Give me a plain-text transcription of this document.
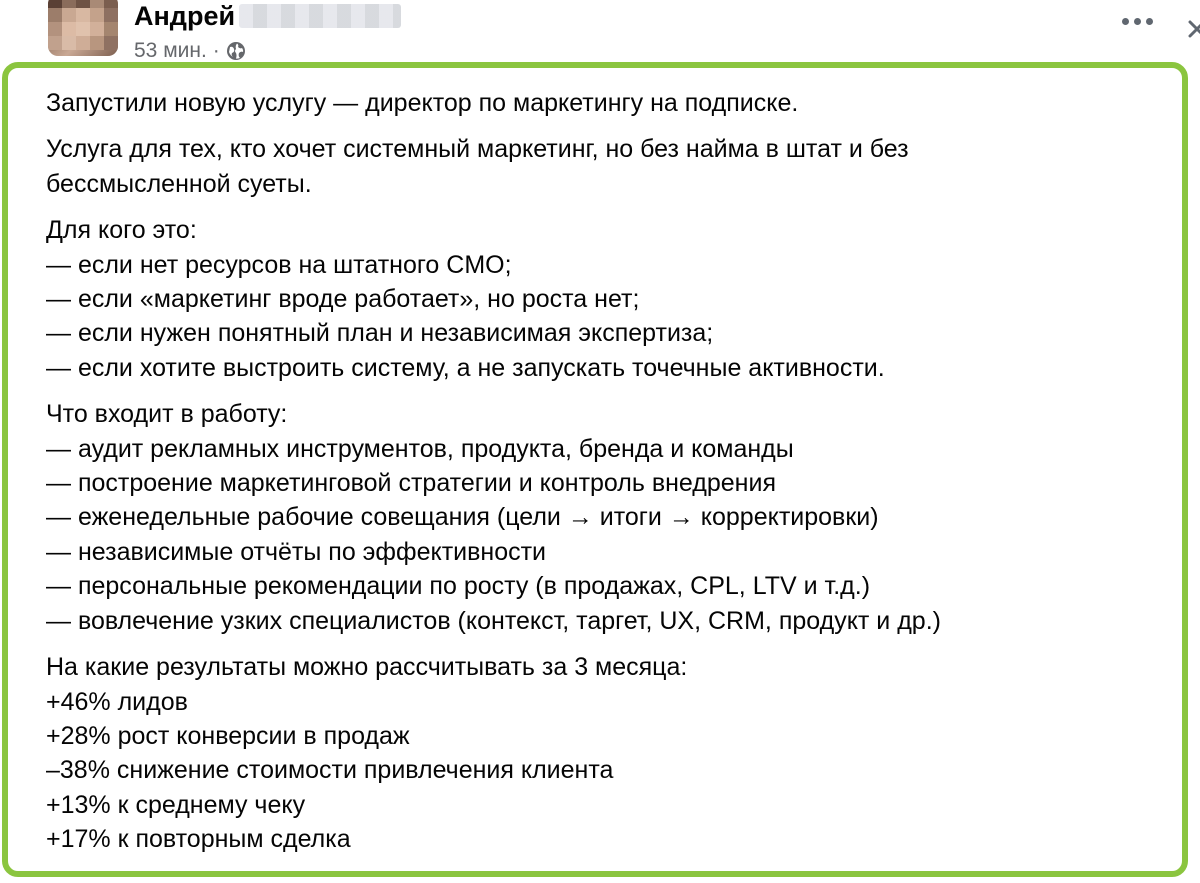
Андрей
53 мин. ·

Запустили новую услугу — директор по маркетингу на подписке.

Услуга для тех, кто хочет системный маркетинг, но без найма в штат и без
бессмысленной суеты.

Для кого это:
— если нет ресурсов на штатного CMO;
— если «маркетинг вроде работает», но роста нет;
— если нужен понятный план и независимая экспертиза;
— если хотите выстроить систему, а не запускать точечные активности.

Что входит в работу:
— аудит рекламных инструментов, продукта, бренда и команды
— построение маркетинговой стратегии и контроль внедрения
— еженедельные рабочие совещания (цели → итоги → корректировки)
— независимые отчёты по эффективности
— персональные рекомендации по росту (в продажах, CPL, LTV и т.д.)
— вовлечение узких специалистов (контекст, таргет, UX, CRM, продукт и др.)

На какие результаты можно рассчитывать за 3 месяца:
+46% лидов
+28% рост конверсии в продаж
–38% снижение стоимости привлечения клиента
+13% к среднему чеку
+17% к повторным сделка
